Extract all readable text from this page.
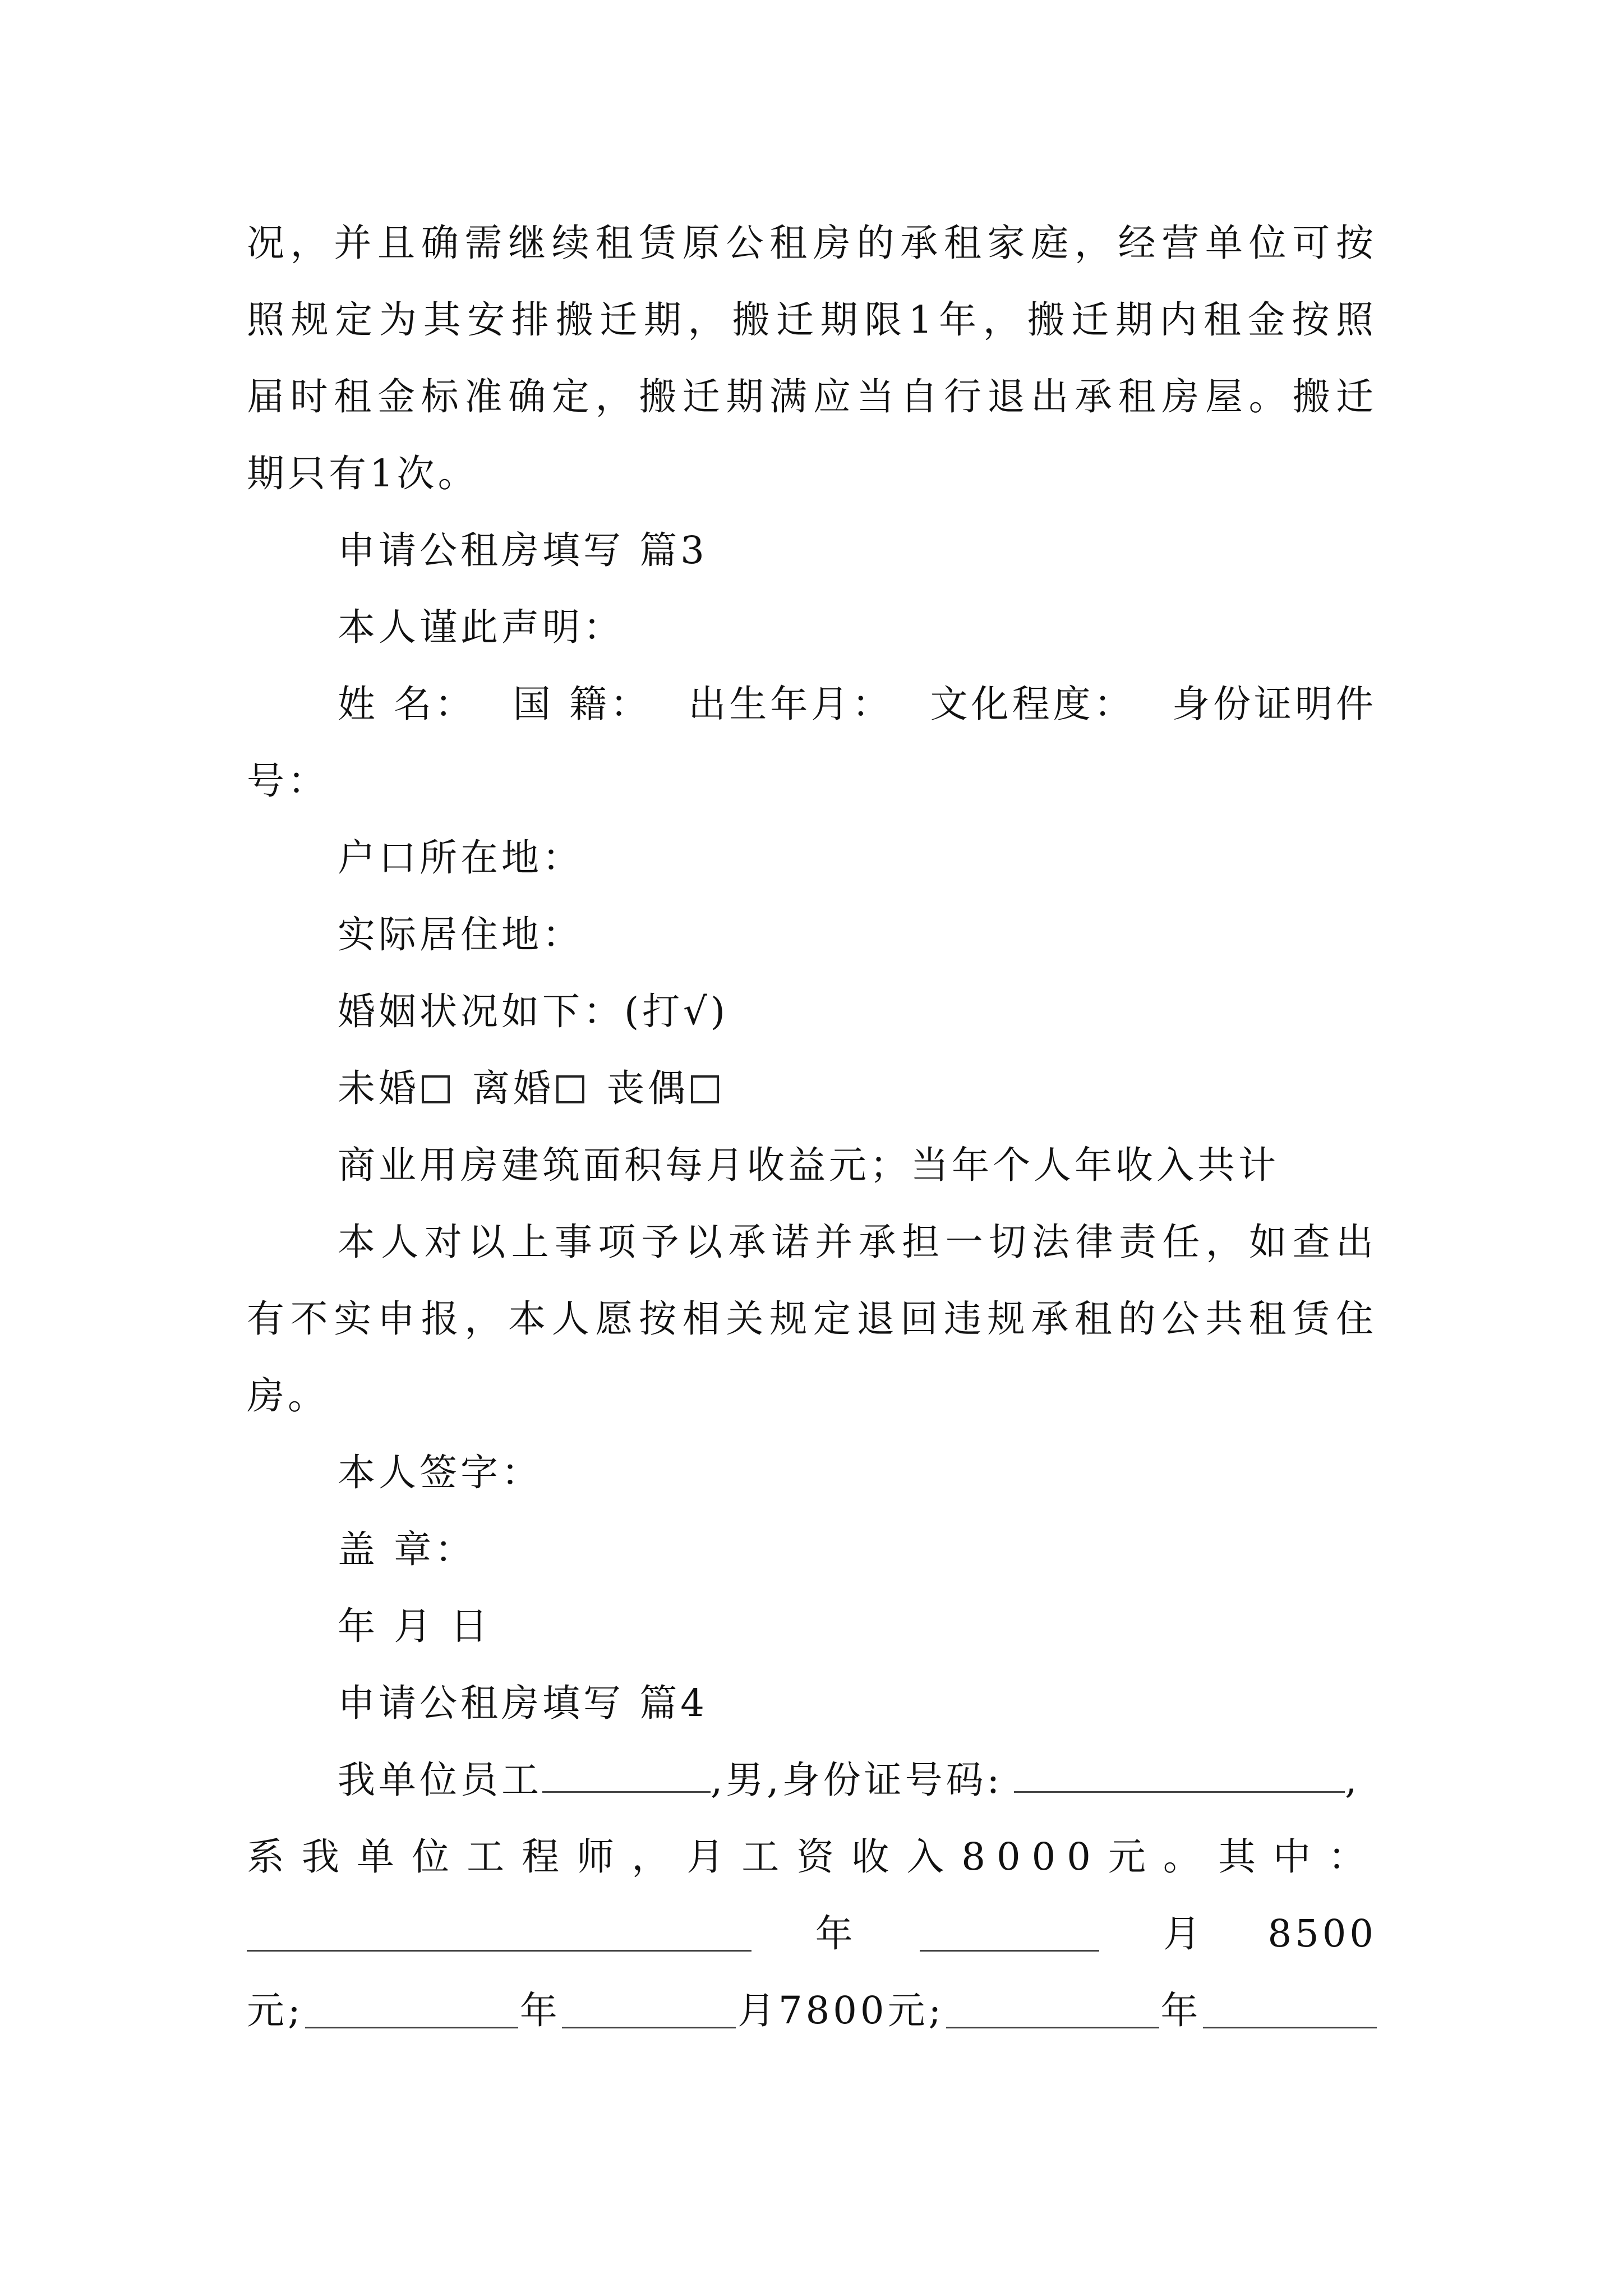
况，并且确需继续租赁原公租房的承租家庭，经营单位可按
照规定为其安排搬迁期，搬迁期限1年，搬迁期内租金按照
届时租金标准确定，搬迁期满应当自行退出承租房屋。搬迁
期只有1次。
申请公租房填写 篇3
本人谨此声明：
姓 名： 国 籍： 出生年月： 文化程度： 身份证明件
号：
户口所在地：
实际居住地：
婚姻状况如下：(打√)
未婚 离婚 丧偶
商业用房建筑面积每月收益元；当年个人年收入共计
本人对以上事项予以承诺并承担一切法律责任，如查出
有不实申报，本人愿按相关规定退回违规承租的公共租赁住
房。
本人签字：
盖 章：
年 月 日
申请公租房填写 篇4
我单位员工	,男,身份证号码:	,
系我单位工程师，月工资收入8000元。其中：
年	月 8500
元;	年	月7800元;	年
